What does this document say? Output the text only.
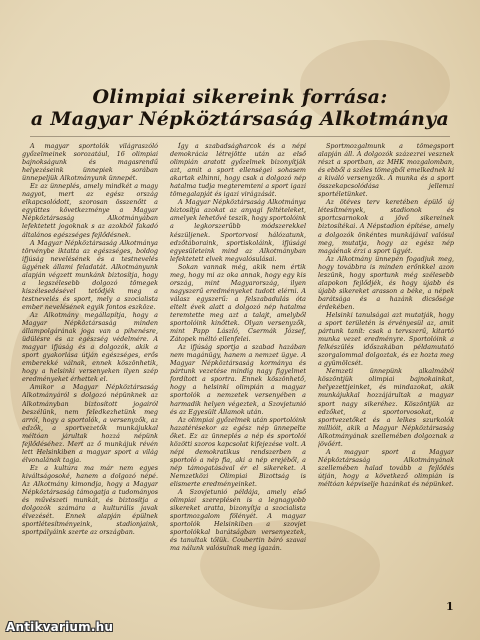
Olimpiai sikereink forrása:
a Magyar Népköztársaság Alkotmánya

A magyar sportolók világraszóló győzelmeinek sorozatául, 16 olimpiai bajnokságunk és magasrendű helyezéseink ünnepiek sorában ünnepeljük Alkotmányunk ünnepét.

Ez az ünneplés, amely mindkét a magy nagyot, mert az egész ország elkapcsolódott, szorosan összenőtt a együttes következménye a Magyar Népköztársaság Alkotmányában lefektetett jogoknak s az azokból fakadó általános egészséges fejlődésnek.

A Magyar Népköztársaság Alkotmánya törvénybe iktatta az egészséges, boldog ifjúság nevelésének és a testnevelés ügyének állami feladatát. Alkotmányunk alapján végzett munkánk biztosítja, hogy a legszélesebb dolgozó tömegek kiszélesedésével tetődjék meg a testnevelés és sport, mely a szocialista ember nevelésének egyik fontos eszköze.

Az Alkotmány megállapítja, hogy a Magyar Népköztársaság minden állampolgárának joga van a pihenésre, üdülésre és az egészség védelmére. A magyar ifjúság és a dolgozók, akik a sport gyakorlása útján egészséges, erős emberekké válnak, ennek köszönhetik, hogy a helsinki versenyeken ilyen szép eredményeket érhettek el.

Amikor a Magyar Népköztársaság Alkotmányáról s dolgozó népünknek az Alkotmányban biztosított jogairól beszélünk, nem feledkezhetünk meg arról, hogy a sportolók, a versenyzők, az edzők, a sportvezetők munkájukkal méltóan járultak hozzá népünk fejlődéséhez. Mert az ő munkájuk révén lett Helsinkiben a magyar sport a világ élvonalának tagja.

Ez a kultúra ma már nem egyes kiváltságosoké, hanem a dolgozó népé. Az Alkotmány kimondja, hogy a Magyar Népköztársaság támogatja a tudományos és művészeti munkát, és biztosítja a dolgozók számára a kulturális javak élvezését. Ennek alapján épülnek sportlétesítményeink, stadionjaink, sportpályáink szerte az országban.

Így a szabadságharcok és a népi demokrácia létrejötte után az első olimpián aratott győzelmek bizonyítják azt, amit a sport ellenségei sohasem akartak elhinni, hogy csak a dolgozó nép hatalma tudja megteremteni a sport igazi tömegalapját és igazi virágzását.

A Magyar Népköztársaság Alkotmánya biztosítja azokat az anyagi feltételeket, amelyek lehetővé teszik, hogy sportolóink a legkorszerűbb módszerekkel készüljenek. Sportorvosi hálózatunk, edzőtáboraink, sportiskoláink, ifjúsági egyesületeink mind az Alkotmányban lefektetett elvek megvalósulásai.

Sokan vannak még, akik nem értik meg, hogy mi az oka annak, hogy egy kis ország, mint Magyarország, ilyen nagyszerű eredményeket tudott elérni. A válasz egyszerű: a felszabadulás óta eltelt évek alatt a dolgozó nép hatalma teremtette meg azt a talajt, amelyből sportolóink kinőttek. Olyan versenyzők, mint Papp László, Csermák József, Zátopek méltó ellenfelei.

Az ifjúság sportja a szabad hazában nem magánügy, hanem a nemzet ügye. A Magyar Népköztársaság kormánya és pártunk vezetése mindig nagy figyelmet fordított a sportra. Ennek köszönhető, hogy a helsinki olimpián a magyar sportolók a nemzetek versenyében a harmadik helyen végeztek, a Szovjetunió és az Egyesült Államok után.

Az olimpiai győzelmek után sportolóink hazatérésekor az egész nép ünnepelte őket. Ez az ünneplés a nép és sportolói közötti szoros kapcsolat kifejezése volt. A népi demokratikus rendszerben a sportoló a nép fia, aki a nép erejéből, a nép támogatásával ér el sikereket. A Nemzetközi Olimpiai Bizottság is elismerte eredményeinket.

A Szovjetunió példája, amely első olimpiai szereplésén is a legnagyobb sikereket aratta, bizonyítja a szocialista sportmozgalom fölényét. A magyar sportolók Helsinkiben a szovjet sportolókkal barátságban versenyeztek, és tanultak tőlük. Coubertin báró szavai ma nálunk valósulnak meg igazán.

Sportmozgalmunk a tömegsport alapján áll. A dolgozók százezrei vesznek részt a sportban, az MHK mozgalomban, és ebből a széles tömegből emelkednek ki a kiváló versenyzők. A munka és a sport összekapcsolódása jellemzi sportéletünket.

Az ötéves terv keretében épülő új létesítmények, stadionok és sportcsarnokok a jövő sikereinek biztosítékai. A Népstadion építése, amely a dolgozók önkéntes munkájával valósul meg, mutatja, hogy az egész nép magáénak érzi a sport ügyét.

Az Alkotmány ünnepén fogadjuk meg, hogy továbbra is minden erőnkkel azon leszünk, hogy sportunk még szélesebb alapokon fejlődjék, és hogy újabb és újabb sikereket arasson a béke, a népek barátsága és a hazánk dicsősége érdekében.

Helsinki tanulságai azt mutatják, hogy a sport területén is érvényesül az, amit pártunk tanít: csak a tervszerű, kitartó munka vezet eredményre. Sportolóink a felkészülés időszakában példamutató szorgalommal dolgoztak, és ez hozta meg a gyümölcsét.

Nemzeti ünnepünk alkalmából köszöntjük olimpiai bajnokainkat, helyezettjeinket, és mindazokat, akik munkájukkal hozzájárultak a magyar sport nagy sikeréhez. Köszöntjük az edzőket, a sportorvosokat, a sportvezetőket és a lelkes szurkolók millióit, akik a Magyar Népköztársaság Alkotmányának szellemében dolgoznak a jövőért.

A magyar sport a Magyar Népköztársaság Alkotmányának szellemében halad tovább a fejlődés útján, hogy a következő olimpián is méltóan képviselje hazánkat és népünket.

1
Antikvarium.hu
